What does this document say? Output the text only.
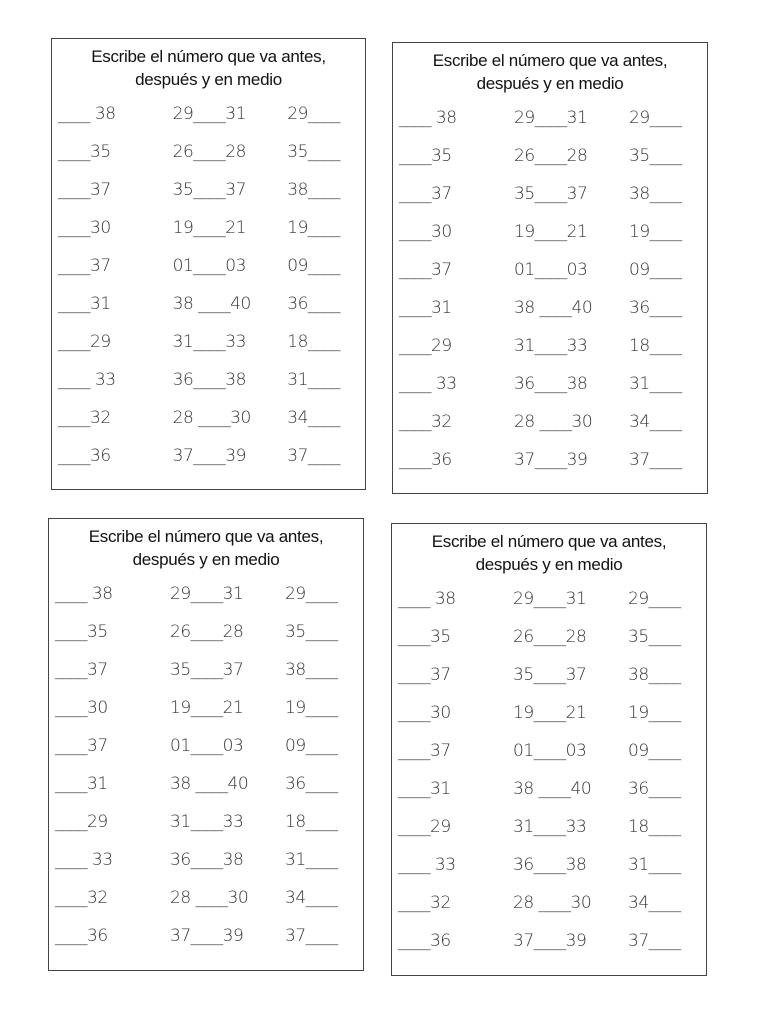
Escribe el número que va antes,
después y en medio
____ 38	29____31	29____
____35	26____28	35____
____37	35____37	38____
____30	19____21	19____
____37	01____03	09____
____31	38 ____40	36____
____29	31____33	18____
____ 33	36____38	31____
____32	28 ____30	34____
____36	37____39	37____
Escribe el número que va antes,
después y en medio
____ 38	29____31	29____
____35	26____28	35____
____37	35____37	38____
____30	19____21	19____
____37	01____03	09____
____31	38 ____40	36____
____29	31____33	18____
____ 33	36____38	31____
____32	28 ____30	34____
____36	37____39	37____
Escribe el número que va antes,
después y en medio
____ 38	29____31	29____
____35	26____28	35____
____37	35____37	38____
____30	19____21	19____
____37	01____03	09____
____31	38 ____40	36____
____29	31____33	18____
____ 33	36____38	31____
____32	28 ____30	34____
____36	37____39	37____
Escribe el número que va antes,
después y en medio
____ 38	29____31	29____
____35	26____28	35____
____37	35____37	38____
____30	19____21	19____
____37	01____03	09____
____31	38 ____40	36____
____29	31____33	18____
____ 33	36____38	31____
____32	28 ____30	34____
____36	37____39	37____
